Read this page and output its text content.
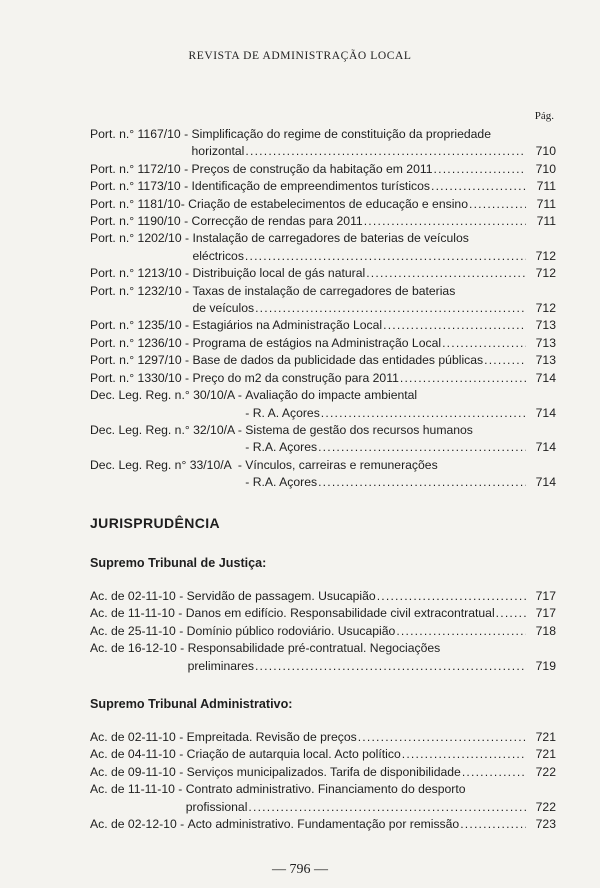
REVISTA DE ADMINISTRAÇÃO LOCAL
Pág.
Port. n.° 1167/10 - Simplificação do regime de constituição da propriedade
horizontal .....	710
Port. n.° 1172/10 - Preços de construção da habitação em 2011 .....	710
Port. n.° 1173/10 - Identificação de empreendimentos turísticos .....	711
Port. n.° 1181/10- Criação de estabelecimentos de educação e ensino .....	711
Port. n.° 1190/10 - Correcção de rendas para 2011 .....	711
Port. n.° 1202/10 - Instalação de carregadores de baterias de veículos
eléctricos .....	712
Port. n.° 1213/10 - Distribuição local de gás natural .....	712
Port. n.° 1232/10 - Taxas de instalação de carregadores de baterias
de veículos .....	712
Port. n.° 1235/10 - Estagiários na Administração Local .....	713
Port. n.° 1236/10 - Programa de estágios na Administração Local .....	713
Port. n.° 1297/10 - Base de dados da publicidade das entidades públicas .....	713
Port. n.° 1330/10 - Preço do m2 da construção para 2011 .....	714
Dec. Leg. Reg. n.° 30/10/A - Avaliação do impacte ambiental
- R. A. Açores .....	714
Dec. Leg. Reg. n.° 32/10/A - Sistema de gestão dos recursos humanos
- R.A. Açores .....	714
Dec. Leg. Reg. n° 33/10/A  - Vínculos, carreiras e remunerações
- R.A. Açores .....	714
JURISPRUDÊNCIA
Supremo Tribunal de Justiça:
Ac. de 02-11-10 - Servidão de passagem. Usucapião .....	717
Ac. de 11-11-10 - Danos em edifício. Responsabilidade civil extracontratual .....	717
Ac. de 25-11-10 - Domínio público rodoviário. Usucapião .....	718
Ac. de 16-12-10 - Responsabilidade pré-contratual. Negociações
preliminares .....	719
Supremo Tribunal Administrativo:
Ac. de 02-11-10 - Empreitada. Revisão de preços .....	721
Ac. de 04-11-10 - Criação de autarquia local. Acto político .....	721
Ac. de 09-11-10 - Serviços municipalizados. Tarifa de disponibilidade .....	722
Ac. de 11-11-10 - Contrato administrativo. Financiamento do desporto
profissional .....	722
Ac. de 02-12-10 - Acto administrativo. Fundamentação por remissão .....	723
— 796 —
